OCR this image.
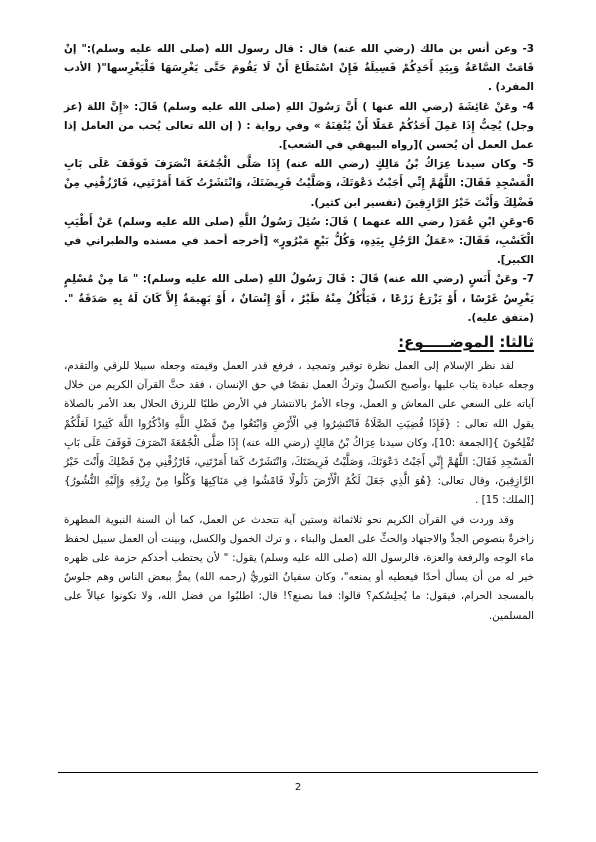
3- وعن أنس بن مالك (رضي الله عنه) قال : قال رسول الله (صلى الله عليه وسلم):" إنْ قَامَتْ السَّاعَةُ وَبِيَدِ أَحَدِكُمْ فَسِيلَةٌ فَإِنْ اسْتَطَاعَ أَنْ لَا يَقُومَ حَتَّى يَغْرِسَهَا فَلْيَغْرِسها"( الأدب المفرد) .

4- وعَنْ عَائِشَةَ (رضي الله عنها ) أَنَّ رَسُولَ اللهِ (صلى الله عليه وسلم) قَالَ: «إِنَّ اللهَ (عز وجل) يُحِبُّ إِذَا عَمِلَ أَحَدُكُمْ عَمَلًا أَنْ يُتْقِنَهُ » وفي رواية : ( إن الله تعالى يُحب من العامل إذا عمل العمل أن يُحسن )[رواه البيهقي في الشعب].

5- وكان سيدنا عِرَاكُ بْنُ مَالِكٍ (رضي الله عنه) إِذَا صَلَّى الْجُمُعَةَ انْصَرَفَ فَوَقَفَ عَلَى بَابِ الْمَسْجِدِ فَقَالَ: اللَّهُمَّ إِنِّي أَجَبْتُ دَعْوَتَكَ، وَصَلَّيْتُ فَرِيضَتَكَ، وَانْتَشَرْتُ كَمَا أَمَرْتَنِي، فَارْزُقْنِي مِنْ فَضْلِكَ وَأَنْتَ خَيْرُ الرَّازِقِينَ (تفسير ابن كثير).

6-وعَنِ ابْنِ عُمَرَ( رضي الله عنهما ) قَالَ: سُئِلَ رَسُولُ اللَّهِ (صلى الله عليه وسلم) عَنْ أَطْيَبِ الْكَسْبِ، فَقَالَ: «عَمَلُ الرَّجُلِ بِيَدِهِ، وَكُلُّ بَيْعٍ مَبْرُورٍ» [أخرجه أحمد في مسنده والطبراني في الكبير].

7- وعَنْ أَنَسٍ (رضي الله عنه) قَالَ : قَالَ رَسُولُ اللهِ (صلى الله عليه وسلم): " مَا مِنْ مُسْلِمٍ يَغْرِسُ غَرْسًا ، أَوْ يَزْرَعُ زَرْعًا ، فَيَأْكُلُ مِنْهُ طَيْرٌ ، أَوْ إِنْسَانٌ ، أَوْ بَهِيمَةٌ إِلاَّ كَانَ لَهُ بِهِ صَدَقَةٌ ". (متفق عليه).

ثالثا: الموضـــــوع:

لقد نظر الإسلام إلى العمل نظرة توقير وتمجيد ، فرفع قدر العمل وقيمته وجعله سبيلا للرقي والتقدم، وجعله عبادة يثاب عليها ،وأصبح الكسلُ وتركُ العمل نقصًا في حق الإنسان ، فقد حثَّ القرآن الكريم من خلال آياته على السعي على المعاش و العمل، وجاء الأمرُ بالانتشار في الأرض طلبًا للرزق الحلال بعد الأمر بالصلاة يقول الله تعالى : {فَإِذَا قُضِيَتِ الصَّلَاةُ فَانْتَشِرُوا فِي الْأَرْضِ وَابْتَغُوا مِنْ فَضْلِ اللَّهِ وَاذْكُرُوا اللَّهَ كَثِيرًا لَعَلَّكُمْ تُفْلِحُونَ }[الجمعة :10]، وكان سيدنا عِرَاكُ بْنُ مَالِكٍ (رضي الله عنه) إِذَا صَلَّى الْجُمُعَةَ انْصَرَفَ فَوَقَفَ عَلَى بَابِ الْمَسْجِدِ فَقَالَ: اللَّهُمَّ إِنِّي أَجَبْتُ دَعْوَتَكَ، وَصَلَّيْتُ فَرِيضَتَكَ، وَانْتَشَرْتُ كَمَا أَمَرْتَنِي، فَارْزُقْنِي مِنْ فَضْلِكَ وَأَنْتَ خَيْرُ الرَّازِقِينَ، وقال تعالى: {هُوَ الَّذِي جَعَلَ لَكُمُ الْأَرْضَ ذَلُولًا فَامْشُوا فِي مَنَاكِبِهَا وَكُلُوا مِنْ رِزْقِهِ وَإِلَيْهِ النُّشُورُ}[الملك: 15] .

وقد وردت في القرآن الكريم نحو ثلاثمائة وستين آية تتحدث عن العمل، كما أن السنة النبوية المطهرة زاخرةٌ بنصوص الجدِّ والاجتهاد والحثِّ على العمل والبناء ، و ترك الخمول والكسل، وبينت أن العمل سبيل لحفظ ماء الوجه والرفعة والعزة، فالرسول الله (صلى الله عليه وسلم) يقول: " لأن يحتطب أحدكم حزمة على ظهره خير له من أن يسأل أحدًا فيعطيه أو يمنعه"، وكان سفيانُ الثوريُّ (رحمه الله) يمرُّ ببعض الناس وهم جلوسٌ بالمسجد الحرام، فيقول: ما يُجلِسُكم؟ قالوا: فما نصنع؟! قال: اطلبُوا من فضل الله، ولا تكونوا عيالاً على المسلمين.

2
